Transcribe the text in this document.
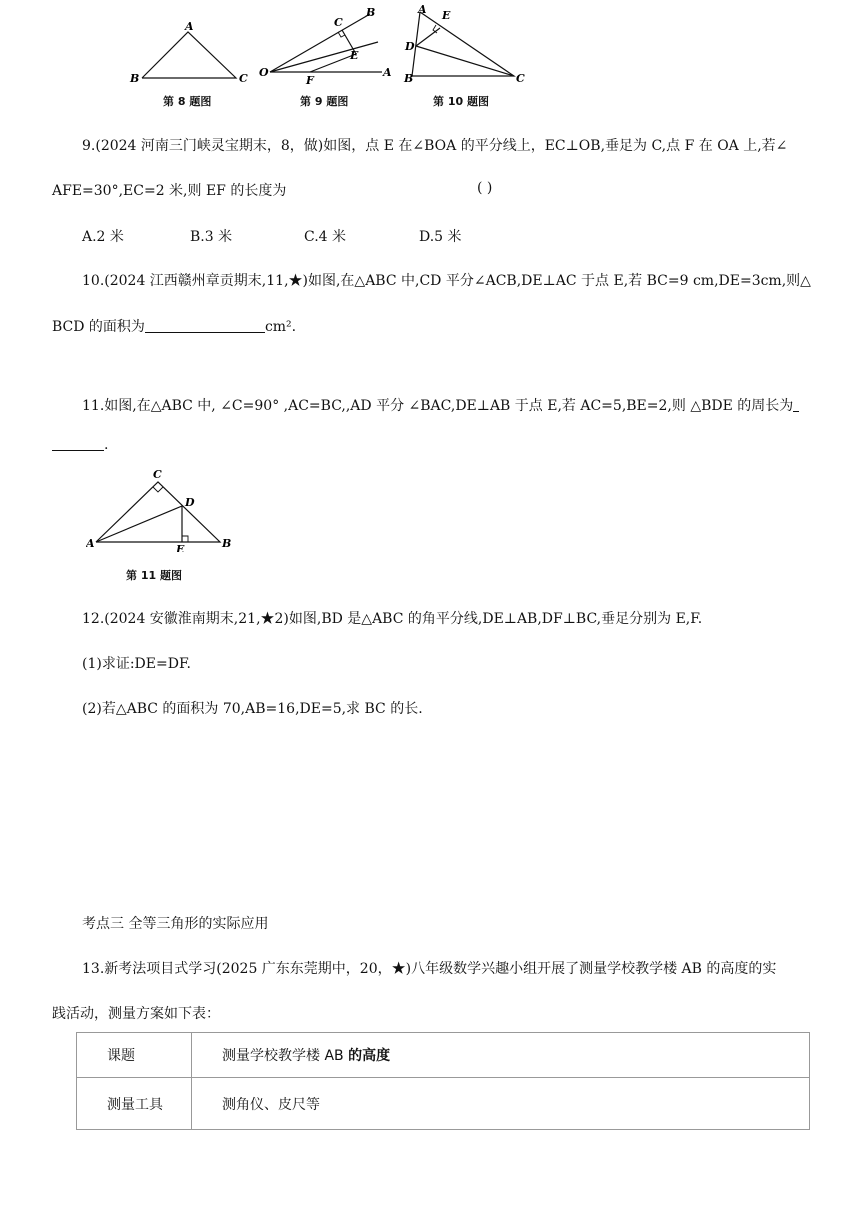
A
B	C
第 8 题图
C
B
E
O
F
A
第 9 题图
A E
D
B	C
第 10 题图
9.(2024 河南三门峡灵宝期末，8，做)如图，点 E 在∠BOA 的平分线上，EC⊥OB,垂足为 C,点 F 在 OA 上,若∠
AFE=30°,EC=2 米,则 EF 的长度为	( )
A.2 米	B.3 米	C.4 米	D.5 米
10.(2024 江西赣州章贡期末,11,★)如图,在△ABC 中,CD 平分∠ACB,DE⊥AC 于点 E,若 BC=9 cm,DE=3cm,则△
BCD 的面积为	cm².
11.如图,在△ABC 中, ∠C=90° ,AC=BC,,AD 平分 ∠BAC,DE⊥AB 于点 E,若 AC=5,BE=2,则 △BDE 的周长为
.
C
D
A	E	B
第 11 题图
12.(2024 安徽淮南期末,21,★2)如图,BD 是△ABC 的角平分线,DE⊥AB,DF⊥BC,垂足分别为 E,F.
(1)求证:DE=DF.
(2)若△ABC 的面积为 70,AB=16,DE=5,求 BC 的长.
考点三 全等三角形的实际应用
13.新考法项目式学习(2025 广东东莞期中，20，★)八年级数学兴趣小组开展了测量学校教学楼 AB 的高度的实
践活动，测量方案如下表：
课题	测量学校教学楼 AB 的高度
测量工具	测角仪、皮尺等
